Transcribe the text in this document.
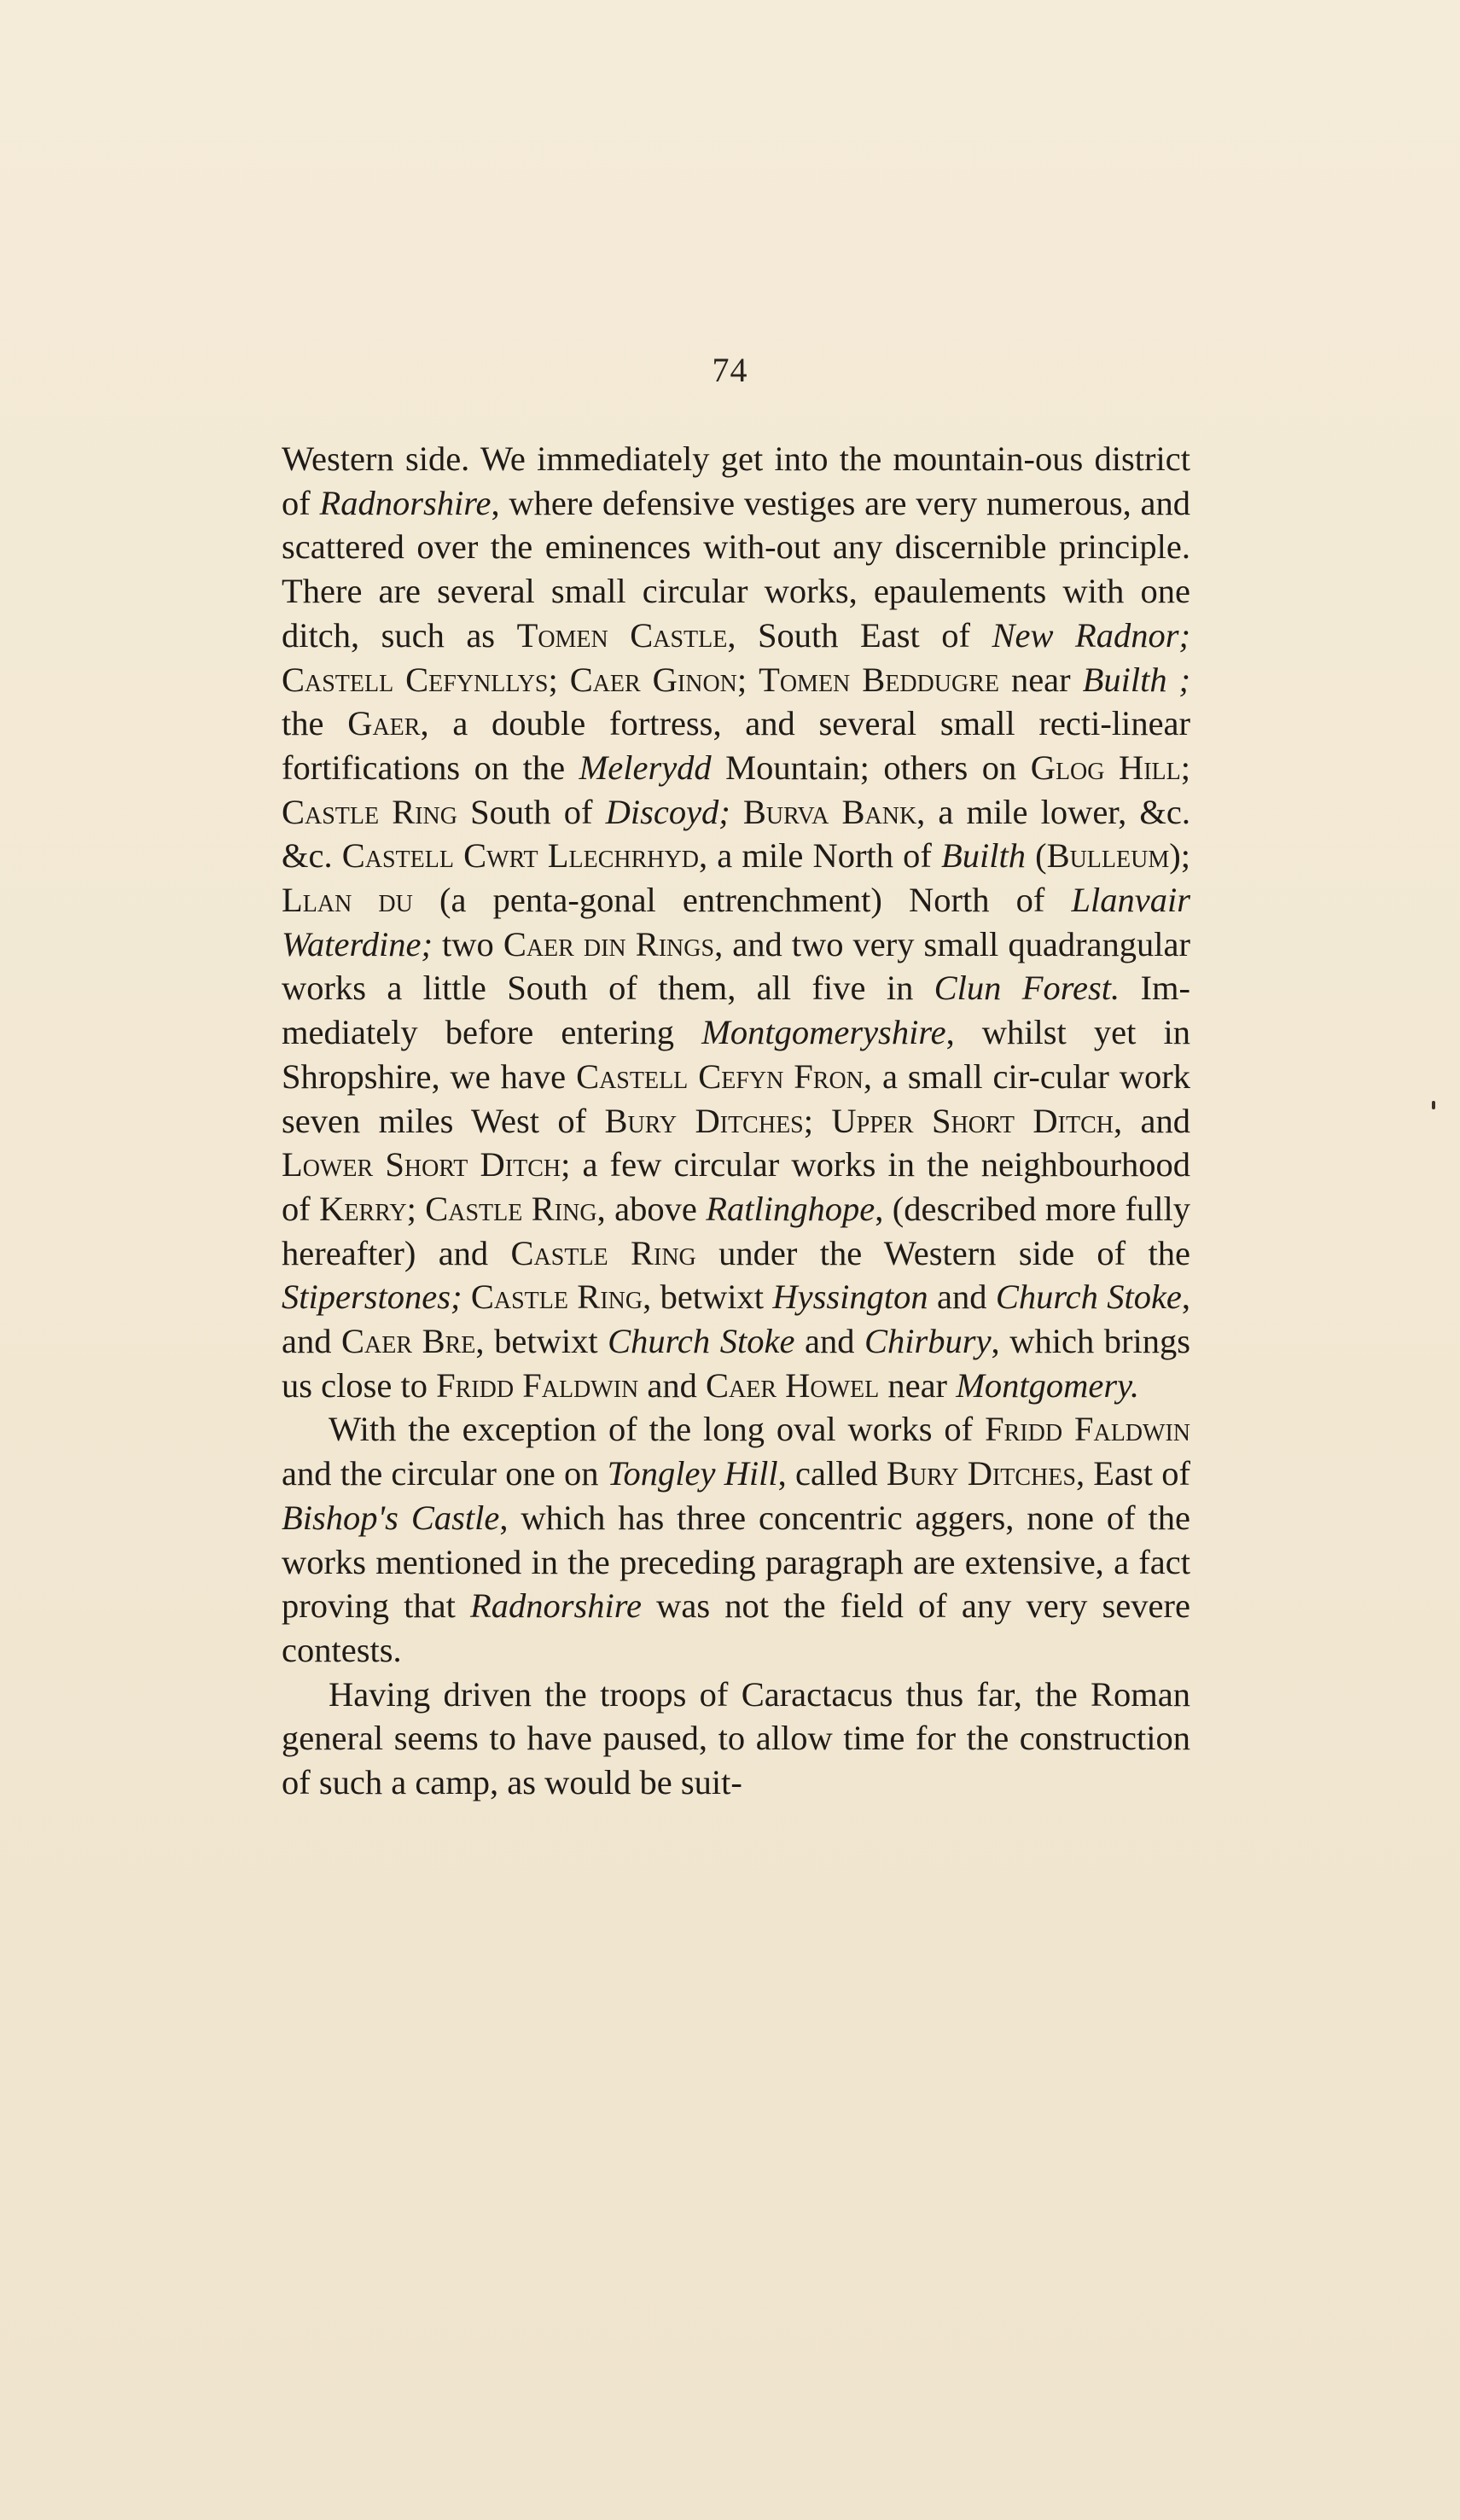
74

Western side. We immediately get into the mountain-ous district of Radnorshire, where defensive vestiges are very numerous, and scattered over the eminences with-out any discernible principle. There are several small circular works, epaulements with one ditch, such as Tomen Castle, South East of New Radnor; Castell Cefynllys; Caer Ginon; Tomen Beddugre near Builth ; the Gaer, a double fortress, and several small recti-linear fortifications on the Melerydd Mountain; others on Glog Hill; Castle Ring South of Discoyd; Burva Bank, a mile lower, &c. &c. Castell Cwrt Llechrhyd, a mile North of Builth (Bulleum); Llan du (a penta-gonal entrenchment) North of Llanvair Waterdine; two Caer din Rings, and two very small quadrangular works a little South of them, all five in Clun Forest. Im-mediately before entering Montgomeryshire, whilst yet in Shropshire, we have Castell Cefyn Fron, a small cir-cular work seven miles West of Bury Ditches; Upper Short Ditch, and Lower Short Ditch; a few circular works in the neighbourhood of Kerry; Castle Ring, above Ratlinghope, (described more fully hereafter) and Castle Ring under the Western side of the Stiperstones; Castle Ring, betwixt Hyssington and Church Stoke, and Caer Bre, betwixt Church Stoke and Chirbury, which brings us close to Fridd Faldwin and Caer Howel near Montgomery.

With the exception of the long oval works of Fridd Faldwin and the circular one on Tongley Hill, called Bury Ditches, East of Bishop's Castle, which has three concentric aggers, none of the works mentioned in the preceding paragraph are extensive, a fact proving that Radnorshire was not the field of any very severe contests.

Having driven the troops of Caractacus thus far, the Roman general seems to have paused, to allow time for the construction of such a camp, as would be suit-
